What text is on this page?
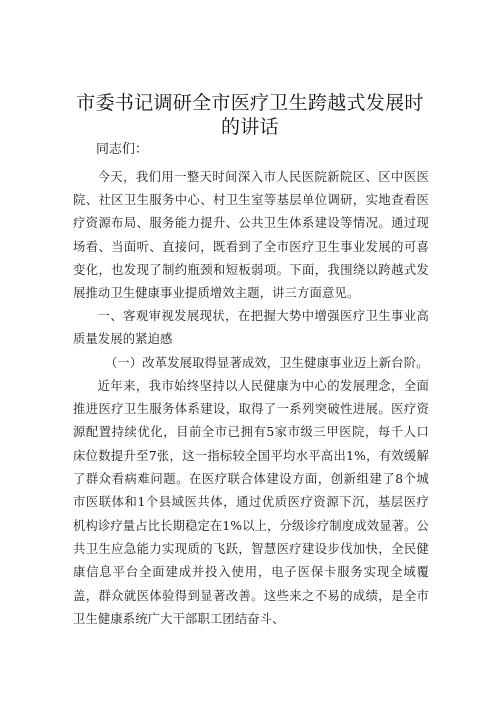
市委书记调研全市医疗卫生跨越式发展时的讲话

同志们：

今天，我们用一整天时间深入市人民医院新院区、区中医医院、社区卫生服务中心、村卫生室等基层单位调研，实地查看医疗资源布局、服务能力提升、公共卫生体系建设等情况。通过现场看、当面听、直接问，既看到了全市医疗卫生事业发展的可喜变化，也发现了制约瓶颈和短板弱项。下面，我围绕以跨越式发展推动卫生健康事业提质增效主题，讲三方面意见。

一、客观审视发展现状，在把握大势中增强医疗卫生事业高质量发展的紧迫感

（一）改革发展取得显著成效，卫生健康事业迈上新台阶。

近年来，我市始终坚持以人民健康为中心的发展理念，全面推进医疗卫生服务体系建设，取得了一系列突破性进展。医疗资源配置持续优化，目前全市已拥有5家市级三甲医院，每千人口床位数提升至7张，这一指标较全国平均水平高出1%，有效缓解了群众看病难问题。在医疗联合体建设方面，创新组建了8个城市医联体和1个县域医共体，通过优质医疗资源下沉，基层医疗机构诊疗量占比长期稳定在1%以上，分级诊疗制度成效显著。公共卫生应急能力实现质的飞跃，智慧医疗建设步伐加快，全民健康信息平台全面建成并投入使用，电子医保卡服务实现全域覆盖，群众就医体验得到显著改善。这些来之不易的成绩，是全市卫生健康系统广大干部职工团结奋斗、
